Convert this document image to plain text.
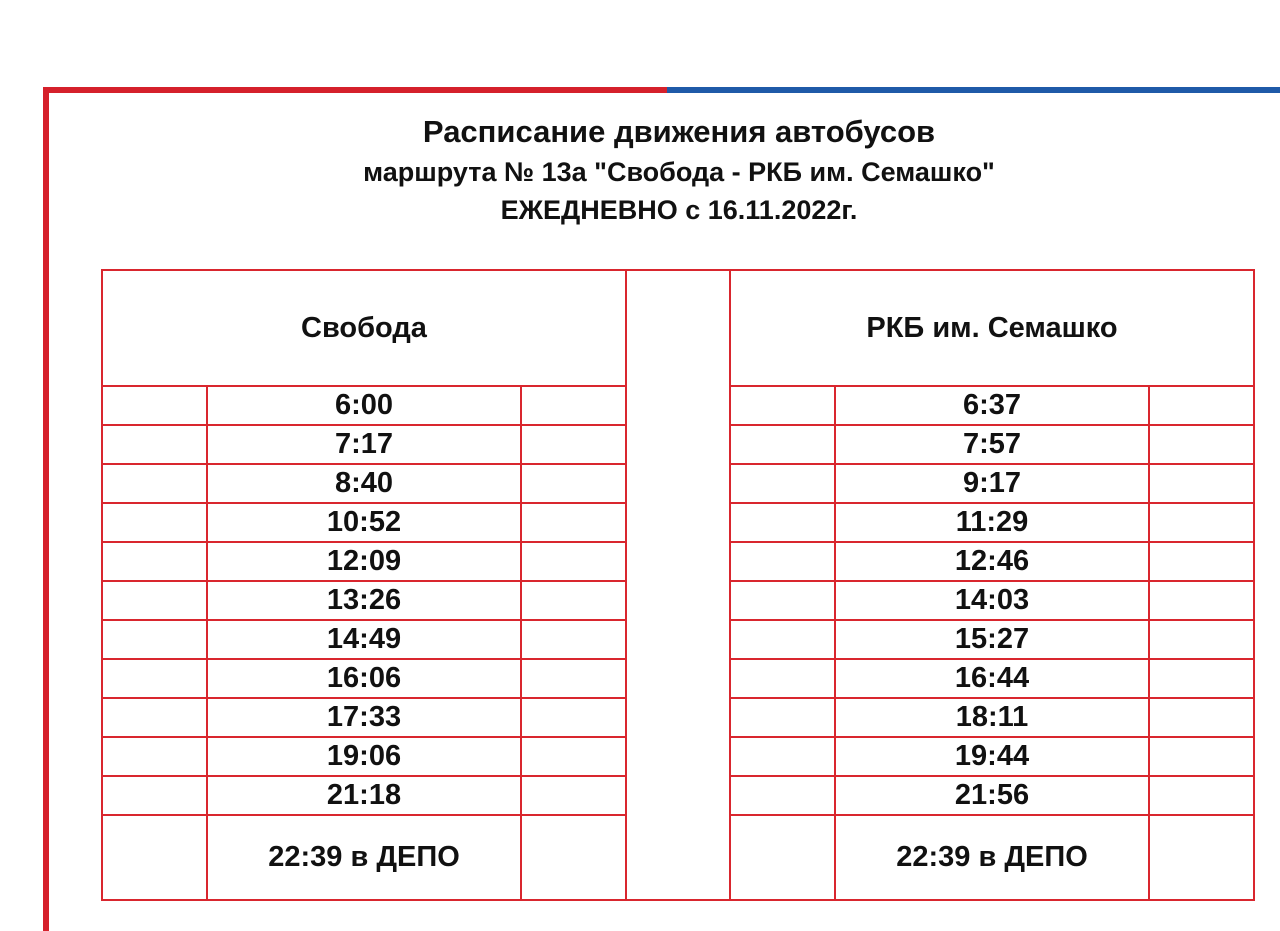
Расписание движения автобусов
маршрута № 13а "Свобода - РКБ им. Семашко"
ЕЖЕДНЕВНО с 16.11.2022г.
Свобода				РКБ им. Семашко		
	6:00				6:37	
	7:17				7:57	
	8:40				9:17	
	10:52				11:29	
	12:09				12:46	
	13:26				14:03	
	14:49				15:27	
	16:06				16:44	
	17:33				18:11	
	19:06				19:44	
	21:18				21:56	
	22:39 в ДЕПО				22:39 в ДЕПО	
